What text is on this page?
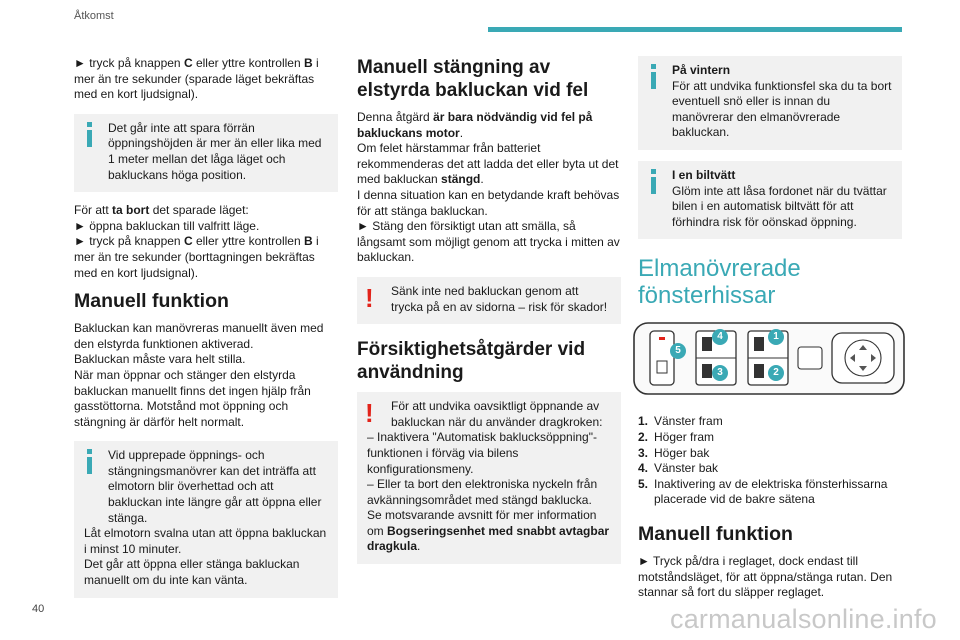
Åtkomst

► tryck på knappen C eller yttre kontrollen B i mer än tre sekunder (sparade läget bekräftas med en kort ljudsignal).

Det går inte att spara förrän öppningshöjden är mer än eller lika med 1 meter mellan det låga läget och bakluckans höga position.

För att ta bort det sparade läget:

► öppna bakluckan till valfritt läge.

► tryck på knappen C eller yttre kontrollen B i mer än tre sekunder (borttagningen bekräftas med en kort ljudsignal).

Manuell funktion

Bakluckan kan manövreras manuellt även med den elstyrda funktionen aktiverad.

Bakluckan måste vara helt stilla.

När man öppnar och stänger den elstyrda bakluckan manuellt finns det ingen hjälp från gasstöttorna. Motstånd mot öppning och stängning är därför helt normalt.

Vid upprepade öppnings- och stängningsmanövrer kan det inträffa att elmotorn blir överhettad och att bakluckan inte längre går att öppna eller stänga.

Låt elmotorn svalna utan att öppna bakluckan i minst 10 minuter.

Det går att öppna eller stänga bakluckan manuellt om du inte kan vänta.

Manuell stängning av elstyrda bakluckan vid fel

Denna åtgärd är bara nödvändig vid fel på bakluckans motor.

Om felet härstammar från batteriet rekommenderas det att ladda det eller byta ut det med bakluckan stängd.

I denna situation kan en betydande kraft behövas för att stänga bakluckan.

► Stäng den försiktigt utan att smälla, så långsamt som möjligt genom att trycka i mitten av bakluckan.

!	Sänk inte ned bakluckan genom att trycka på en av sidorna – risk för skador!
Försiktighetsåtgärder vid användning
!	För att undvika oavsiktligt öppnande av bakluckan när du använder dragkroken:

– Inaktivera "Automatisk baklucksöppning"-funktionen i förväg via bilens konfigurationsmeny.

– Eller ta bort den elektroniska nyckeln från avkänningsområdet med stängd bakluckа.

Se motsvarande avsnitt för mer information om Bogseringsenhet med snabbt avtagbar dragkula.

På vintern
För att undvika funktionsfel ska du ta bort eventuell snö eller is innan du manövrerar den elmanövrerade bakluckan.
I en biltvätt
Glöm inte att låsa fordonet när du tvättar bilen i en automatisk biltvätt för att förhindra risk för oönskad öppning.
Elmanövrerade fönsterhissar
5
4	1
3	2
1. Vänster fram
2. Höger fram
3. Höger bak
4. Vänster bak
5. Inaktivering av de elektriska fönsterhissarna placerade vid de bakre sätena
Manuell funktion

► Tryck på/dra i reglaget, dock endast till motståndsläget, för att öppna/stänga rutan. Den stannar så fort du släpper reglaget.

40	carmanualsonline.info
